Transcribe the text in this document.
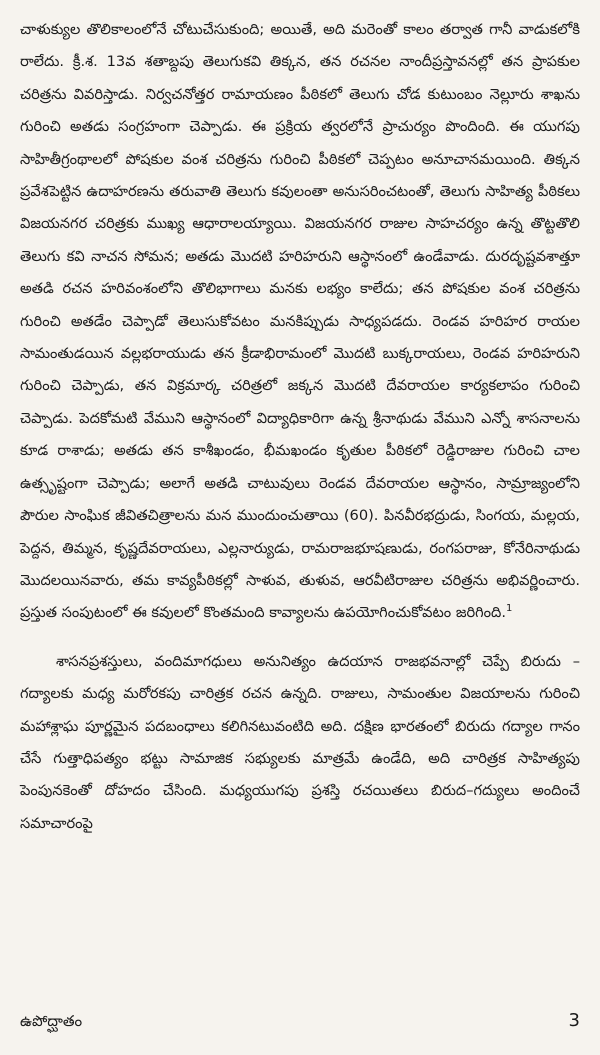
చాళుక్యుల తొలికాలంలోనే చోటుచేసుకుంది; అయితే, అది మరెంతో కాలం తర్వాత గానీ వాడుకలోకి రాలేదు. క్రీ.శ. 13వ శతాబ్దపు తెలుగుకవి తిక్కన, తన రచనల నాందీప్రస్తావనల్లో తన ప్రాపకుల చరిత్రను వివరిస్తాడు. నిర్వచనోత్తర రామాయణం పీఠికలో తెలుగు చోడ కుటుంబం నెల్లూరు శాఖను గురించి అతడు సంగ్రహంగా చెప్పాడు. ఈ ప్రక్రియ త్వరలోనే ప్రాచుర్యం పొందింది. ఈ యుగపు సాహితీగ్రంథాలలో పోషకుల వంశ చరిత్రను గురించి పీఠికలో చెప్పటం అనూచానమయింది. తిక్కన ప్రవేశపెట్టిన ఉదాహరణను తరువాతి తెలుగు కవులంతా అనుసరించటంతో, తెలుగు సాహిత్య పీఠికలు విజయనగర చరిత్రకు ముఖ్య ఆధారాలయ్యాయి. విజయనగర రాజుల సాహచర్యం ఉన్న తొట్టతొలి తెలుగు కవి నాచన సోమన; అతడు మొదటి హరిహరుని ఆస్థానంలో ఉండేవాడు. దురదృష్టవశాత్తూ అతడి రచన హరివంశంలోని తొలిభాగాలు మనకు లభ్యం కాలేదు; తన పోషకుల వంశ చరిత్రను గురించి అతడేం చెప్పాడో తెలుసుకోవటం మనకిప్పుడు సాధ్యపడదు. రెండవ హరిహర రాయల సామంతుడయిన వల్లభరాయుడు తన క్రీడాభిరామంలో మొదటి బుక్కరాయలు, రెండవ హరిహరుని గురించి చెప్పాడు, తన విక్రమార్క చరిత్రలో జక్కన మొదటి దేవరాయల కార్యకలాపం గురించి చెప్పాడు. పెదకోమటి వేముని ఆస్థానంలో విద్యాధికారిగా ఉన్న శ్రీనాథుడు వేముని ఎన్నో శాసనాలను కూడ రాశాడు; అతడు తన కాశీఖండం, భీమఖండం కృతుల పీఠికలో రెడ్డిరాజుల గురించి చాల ఉత్సృష్టంగా చెప్పాడు; అలాగే అతడి చాటువులు రెండవ దేవరాయల ఆస్థానం, సామ్రాజ్యంలోని పౌరుల సాంఘిక జీవితచిత్రాలను మన ముందుంచుతాయి (60). పినవీరభద్రుడు, సింగయ, మల్లయ, పెద్దన, తిమ్మన, కృష్ణదేవరాయలు, ఎల్లనార్యుడు, రామరాజభూషణుడు, రంగపరాజు, కోనేరినాథుడు మొదలయినవారు, తమ కావ్యపీఠికల్లో సాళువ, తుళువ, ఆరవీటిరాజుల చరిత్రను అభివర్ణించారు. ప్రస్తుత సంపుటంలో ఈ కవులలో కొంతమంది కావ్యాలను ఉపయోగించుకోవటం జరిగింది.$^1$

శాసనప్రశస్తులు, వందిమాగధులు అనునిత్యం ఉదయాన రాజభవనాల్లో చెప్పే బిరుదు –గద్యాలకు మధ్య మరోరకపు చారిత్రక రచన ఉన్నది. రాజులు, సామంతుల విజయాలను గురించి మహాశ్లాఘ పూర్ణమైన పదబంధాలు కలిగినటువంటిది అది. దక్షిణ భారతంలో బిరుదు గద్యాల గానం చేసే గుత్తాధిపత్యం భట్టు సామాజిక సభ్యులకు మాత్రమే ఉండేది, అది చారిత్రక సాహిత్యపు పెంపునకెంతో దోహదం చేసింది. మధ్యయుగపు ప్రశస్తి రచయితలు బిరుద–గద్యులు అందించే సమాచారంపై

ఉపోద్ఘాతం	3
